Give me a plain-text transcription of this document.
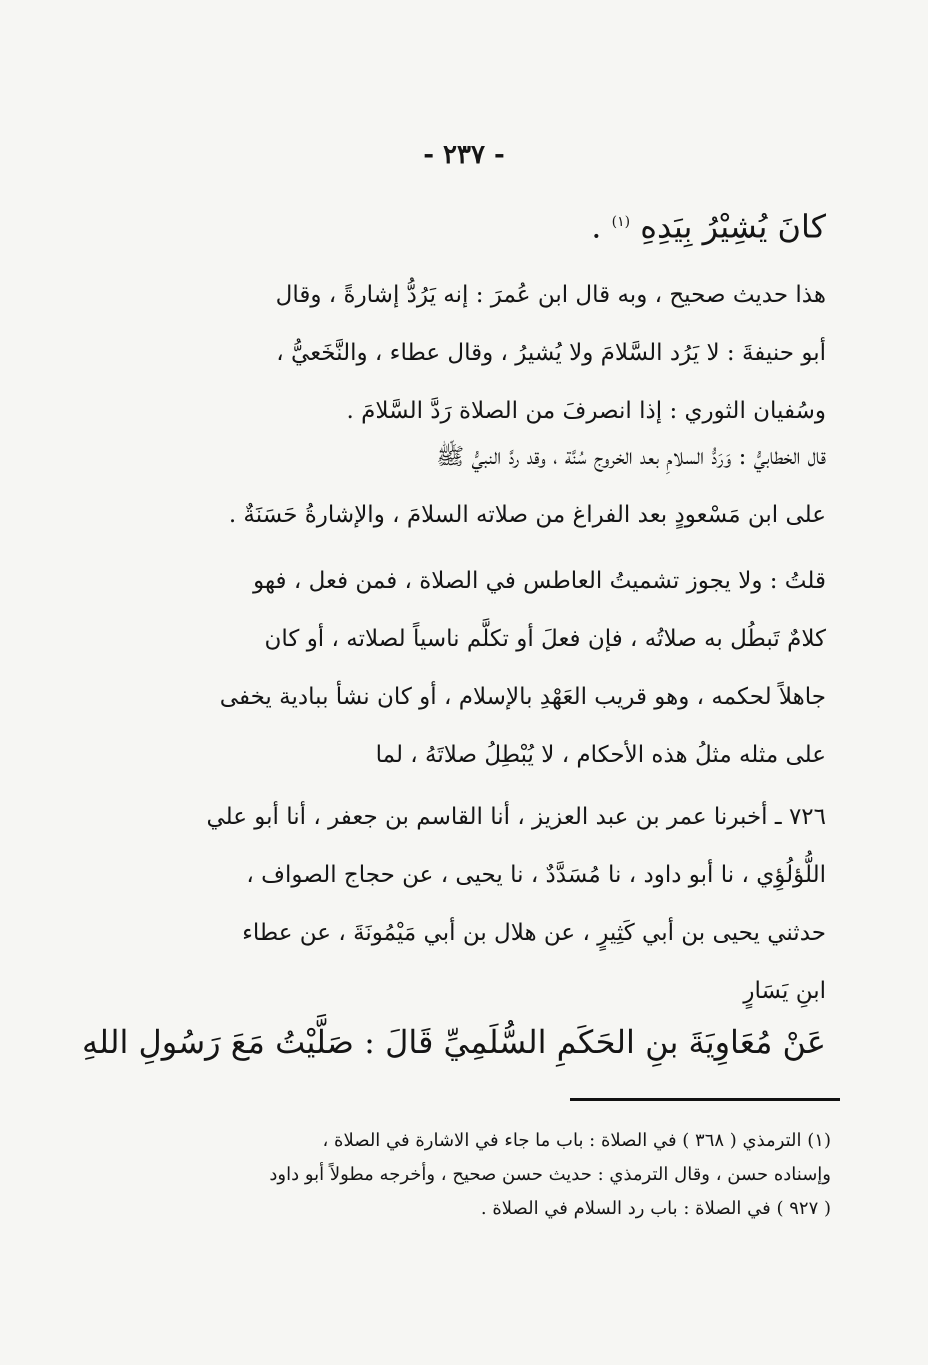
- ٢٣٧ -
كانَ يُشِيْرُ بِيَدِهِ $^{(١)}$ .
هذا حديث صحيح ، وبه قال ابن عُمرَ : إنه يَرُدُّ إشارةً ، وقال
أبو حنيفةَ : لا يَرُد السَّلامَ ولا يُشيرُ ، وقال عطاء ، والنَّخَعيُّ ،
وسُفيان الثوري : إذا انصرفَ من الصلاة رَدَّ السَّلامَ .
قال الخطابيُّ : وَرَدُّ السلامِ بعد الخروج سُنَّة ، وقد ردَّ النبيُّ ﷺ
على ابن مَسْعودٍ بعد الفراغ من صلاته السلامَ ، والإشارةُ حَسَنَةٌ .
قلتُ : ولا يجوز تشميتُ العاطس في الصلاة ، فمن فعل ، فهو
كلامٌ تَبطُل به صلاتُه ، فإن فعلَ أو تكلَّم ناسياً لصلاته ، أو كان
جاهلاً لحكمه ، وهو قريب العَهْدِ بالإسلام ، أو كان نشأ ببادية يخفى
على مثله مثلُ هذه الأحكام ، لا يُبْطِلُ صلاتَهُ ، لما
٧٢٦ ـ أخبرنا عمر بن عبد العزيز ، أنا القاسم بن جعفر ، أنا أبو علي
اللُّؤلُؤِي ، نا أبو داود ، نا مُسَدَّدٌ ، نا يحيى ، عن حجاج الصواف ،
حدثني يحيى بن أبي كَثِيرٍ ، عن هلال بن أبي مَيْمُونَةَ ، عن عطاء
ابنِ يَسَارٍ
عَنْ مُعَاوِيَةَ بنِ الحَكَمِ السُّلَمِيِّ قَالَ : صَلَّيْتُ مَعَ رَسُولِ اللهِ
(١) الترمذي ( ٣٦٨ ) في الصلاة : باب ما جاء في الاشارة في الصلاة ،
وإسناده حسن ، وقال الترمذي : حديث حسن صحيح ، وأخرجه مطولاً أبو داود
( ٩٢٧ ) في الصلاة : باب رد السلام في الصلاة .
